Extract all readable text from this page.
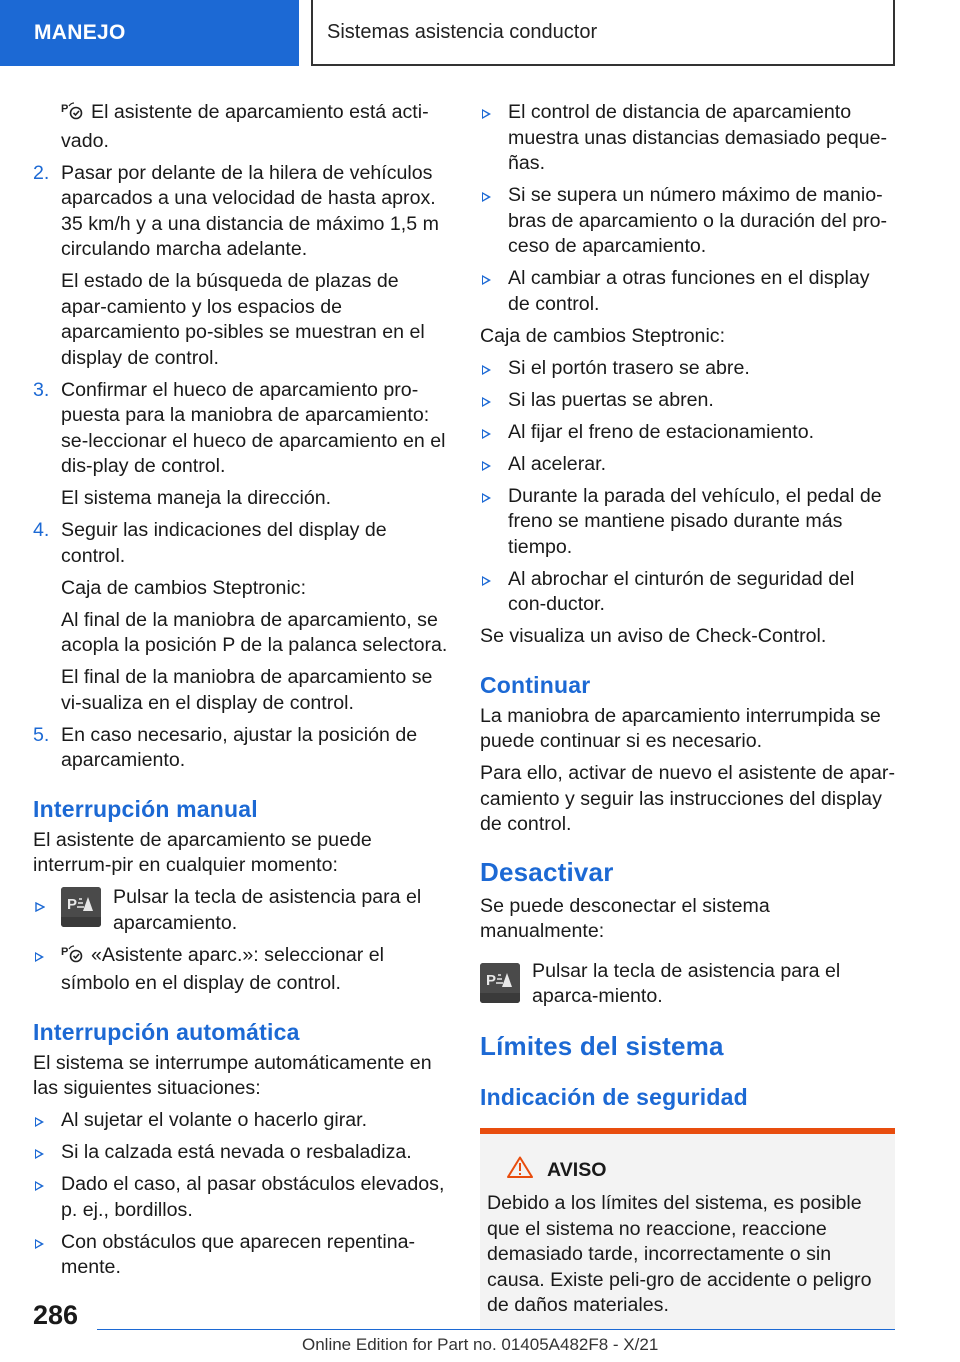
MANEJO	Sistemas asistencia conductor

P El asistente de aparcamiento está acti-vado.

2. Pasar por delante de la hilera de vehículos aparcados a una velocidad de hasta aprox. 35 km/h y a una distancia de máximo 1,5 m circulando marcha adelante.

El estado de la búsqueda de plazas de apar-camiento y los espacios de aparcamiento po-sibles se muestran en el display de control.

3. Confirmar el hueco de aparcamiento pro-puesta para la maniobra de aparcamiento: se-leccionar el hueco de aparcamiento en el dis-play de control.

El sistema maneja la dirección.

4. Seguir las indicaciones del display de control.

Caja de cambios Steptronic:

Al final de la maniobra de aparcamiento, se acopla la posición P de la palanca selectora.

El final de la maniobra de aparcamiento se vi-sualiza en el display de control.

5. En caso necesario, ajustar la posición de aparcamiento.
Interrupción manual

El asistente de aparcamiento se puede interrum-pir en cualquier momento:

P Pulsar la tecla de asistencia para el aparcamiento.
P «Asistente aparc.»: seleccionar el símbolo en el display de control.
Interrupción automática

El sistema se interrumpe automáticamente en las siguientes situaciones:

Al sujetar el volante o hacerlo girar.
Si la calzada está nevada o resbaladiza.
Dado el caso, al pasar obstáculos elevados, p. ej., bordillos.
Con obstáculos que aparecen repentina-mente.
El control de distancia de aparcamiento muestra unas distancias demasiado peque-ñas.
Si se supera un número máximo de manio-bras de aparcamiento o la duración del pro-ceso de aparcamiento.
Al cambiar a otras funciones en el display de control.

Caja de cambios Steptronic:

Si el portón trasero se abre.
Si las puertas se abren.
Al fijar el freno de estacionamiento.
Al acelerar.
Durante la parada del vehículo, el pedal de freno se mantiene pisado durante más tiempo.
Al abrochar el cinturón de seguridad del con-ductor.

Se visualiza un aviso de Check-Control.

Continuar

La maniobra de aparcamiento interrumpida se puede continuar si es necesario.

Para ello, activar de nuevo el asistente de apar-camiento y seguir las instrucciones del display de control.

Desactivar

Se puede desconectar el sistema manualmente:

P Pulsar la tecla de asistencia para el aparca-miento.
Límites del sistema
Indicación de seguridad
AVISO

Debido a los límites del sistema, es posible que el sistema no reaccione, reaccione demasiado tarde, incorrectamente o sin causa. Existe peli-gro de accidente o peligro de daños materiales.

286
Online Edition for Part no. 01405A482F8 - X/21
